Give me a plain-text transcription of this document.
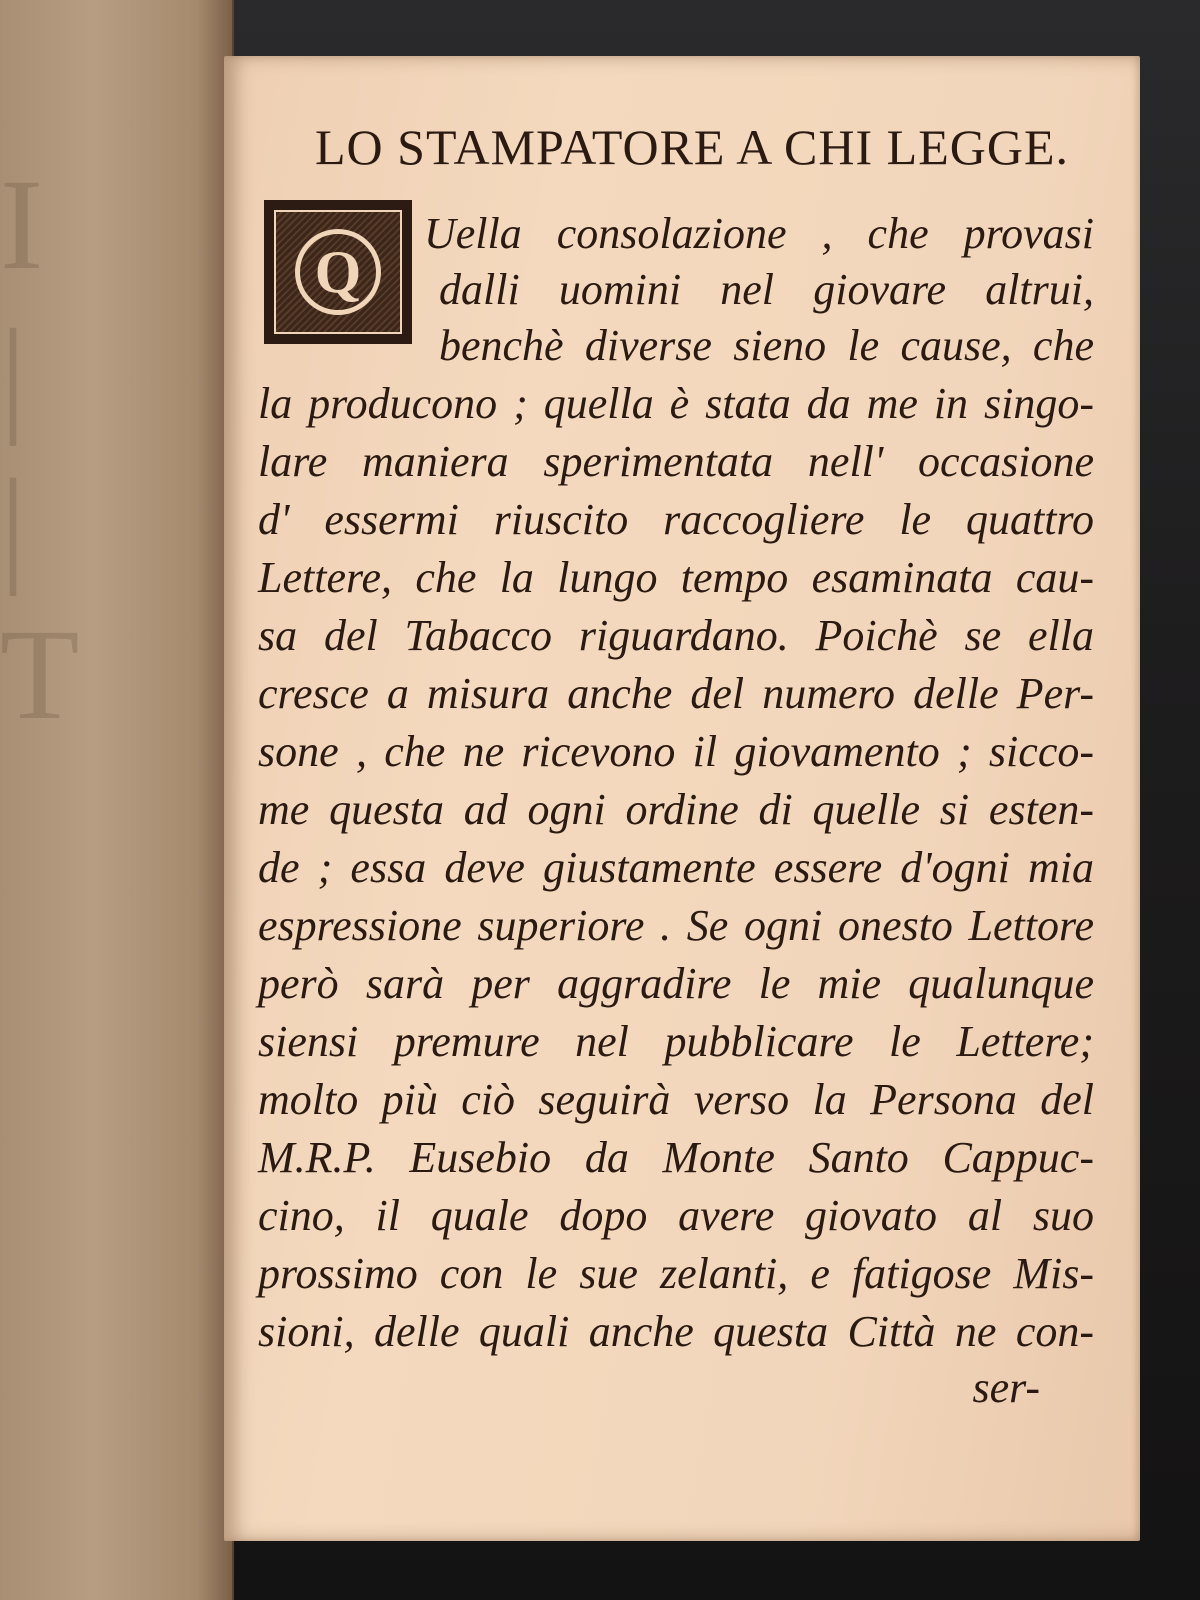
I
|
|
T
LO STAMPATORE A CHI LEGGE.
Q
Uella consolazione , che provasi
dalli uomini nel giovare altrui,
benchè diverse sieno le cause, che
la producono ; quella è stata da me in singo-
lare maniera sperimentata nell' occasione
d' essermi riuscito raccogliere le quattro
Lettere, che la lungo tempo esaminata cau-
sa del Tabacco riguardano. Poichè se ella
cresce a misura anche del numero delle Per-
sone , che ne ricevono il giovamento ; sicco-
me questa ad ogni ordine di quelle si esten-
de ; essa deve giustamente essere d'ogni mia
espressione superiore . Se ogni onesto Lettore
però sarà per aggradire le mie qualunque
siensi premure nel pubblicare le Lettere;
molto più ciò seguirà verso la Persona del
M.R.P. Eusebio da Monte Santo Cappuc-
cino, il quale dopo avere giovato al suo
prossimo con le sue zelanti, e fatigose Mis-
sioni, delle quali anche questa Città ne con-
ser-
